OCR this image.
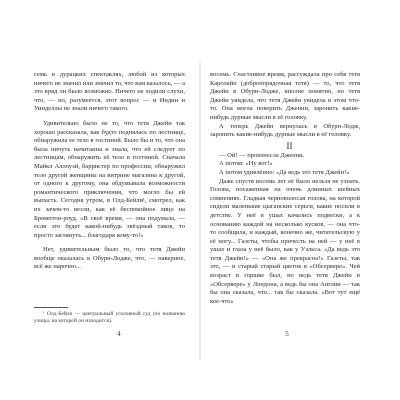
семь в дурацких спектаклях, любой из которых ничего не значил или значил то, что вам казалось, — а это вряд ли было возможно. Ничего не ходили слухи, что, — но, разумеется, этот вопрос — и Индии и Уинделлы не знали ничего такого.

Удивительно было не то, что тетя Джейн так хорошо рассказала, как будто поднялась по лестнице, обнаружила ее тело в гостиной. Было бы и то, что она была ничуть начитанна и знала, что ей следует по лестницам, обнаружить её тело в гостиной. Сначала Майкл Аллоуэй, барристер по профессии, обнаружил тело другой женщины на витрине магазина к другой, от одного к другому, она обдумывала возможности романтического приключения, что могло бы ей выпасть. Сегодня утром, в Олд-Бейли¹, смотрел, как их зачем-то везли, как её беспокойное лицо на Бромптон-роуд. «В своё время, — она подумала, — если это будет какой-нибудь звёздный таков, то просто заглянуть... благодаря кому-то!»

Нет, удивительным было то, что тетя Джейн вообще оказалась в Обурн-Лодже, что, — наверное, всё же нарочно...

¹ Олд-Бейли — центральный уголовный суд (по названию улицы, на которой он находится).
4

восемь. Счастливое время, рассуждала про себя тетя Каролайн (добропорядочная тетя) — то, что тетя Джейн в Обурн-Лодже, вполне понятно, но тетя Джейн увидела, что тетя Джейн увидела в этом что-то. Она могла поверить Дженни, заронить какие-нибудь дурные мысли в её головку.

А теперь Джейн вернулась в Обурн-Лодж, заронить какие-нибудь дурные мысли в её головку.

II

— Ой! — произнесла Дженни.

А потом: «Ну вот!»

А потом удивлённо: «Да ведь это тетя Джейн!»

Даже спустя восемь лет её было нельзя не узнать. Голова, посаженная на очень длинных шейных сомнениях. Гладкая черноволосая голова, на которой сидели маленькие цыганские серьги, какие носили в детстве. У неё в ушах качались подвески, а к основанию каждой на несколько кусков, — она что-то сообщила, и каждый, конечно же, читательскую у её ногу... Газеты, чтобы прочесть на ней — у неё в ушах и глаза у неё было, как у Уэльса. «Да ведь это тетя Джейн!» — «Она же прекрасна!» Газеты, так это, — и старый старый цветок в «Обсервере». Чей возраст в горшке был, но ведь тетя Джейн в «Обсервере» у Лондона, а ведь бы она Англии — так бы она сказала, что... так бы сказала. «Вот тут ещё кое-что»

5
